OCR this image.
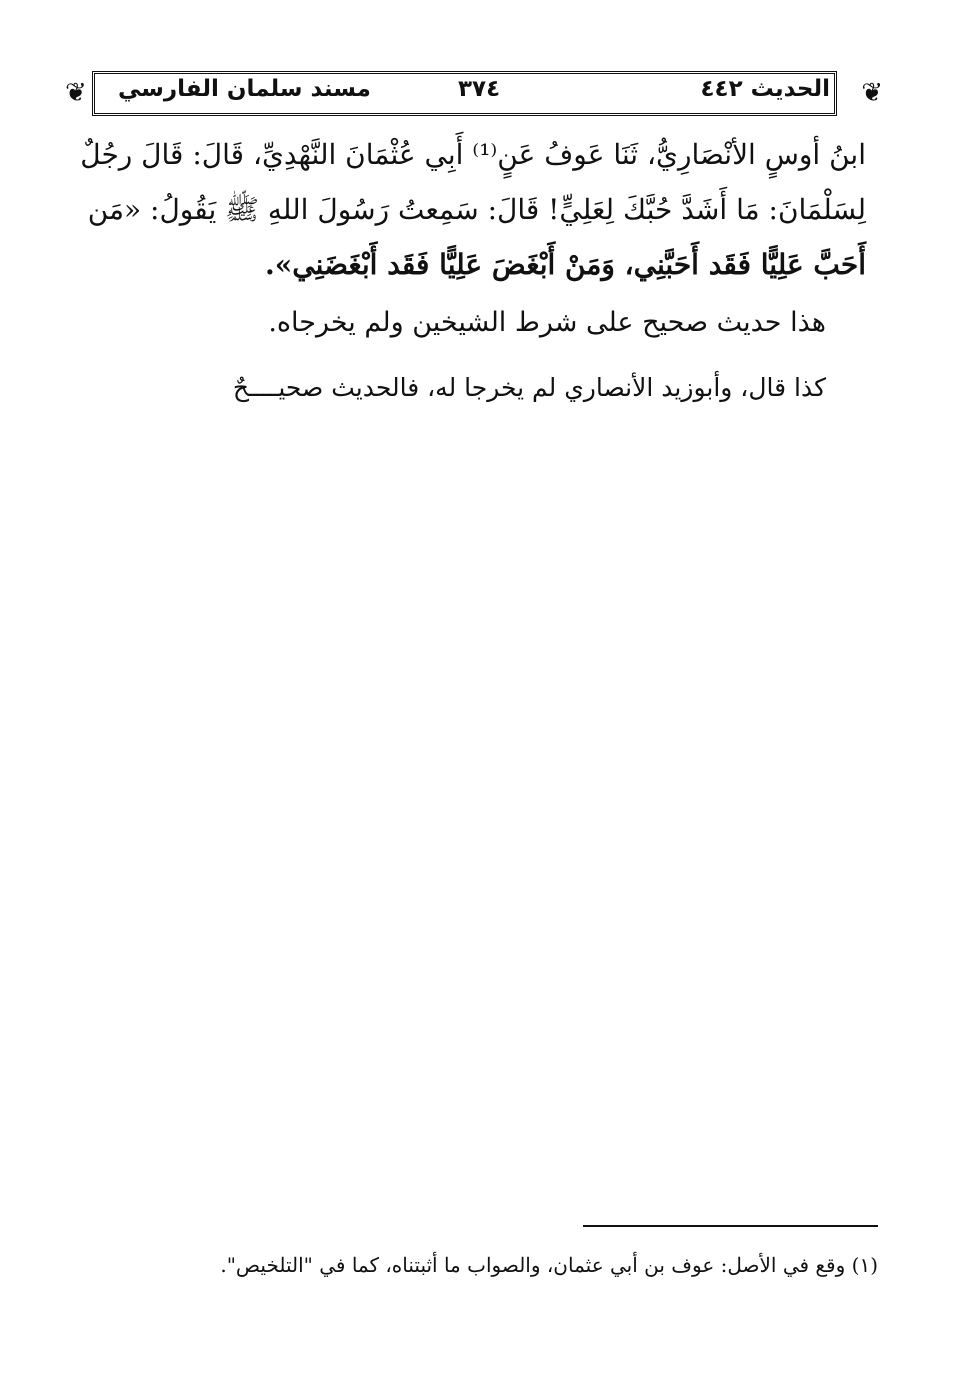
❦
❦	الحديث ٤٤٢
٣٧٤
مسند سلمان الفارسي
ابنُ أوسٍ الأنْصَارِيُّ، ثَنَا عَوفُ عَنٍ⁽¹⁾ أَبِي عُثْمَانَ النَّهْدِيِّ، قَالَ: قَالَ رجُلٌ
لِسَلْمَانَ: مَا أَشَدَّ حُبَّكَ لِعَلِيٍّ! قَالَ: سَمِعتُ رَسُولَ اللهِ ﷺ يَقُولُ: «مَن
أَحَبَّ عَلِيًّا فَقَد أَحَبَّنِي، وَمَنْ أَبْغَضَ عَلِيًّا فَقَد أَبْغَضَنِي».
هذا حديث صحيح على شرط الشيخين ولم يخرجاه.
كذا قال، وأبوزيد الأنصاري لم يخرجا له، فالحديث صحيــــحٌ
(١) وقع في الأصل: عوف بن أبي عثمان، والصواب ما أثبتناه، كما في "التلخيص".
